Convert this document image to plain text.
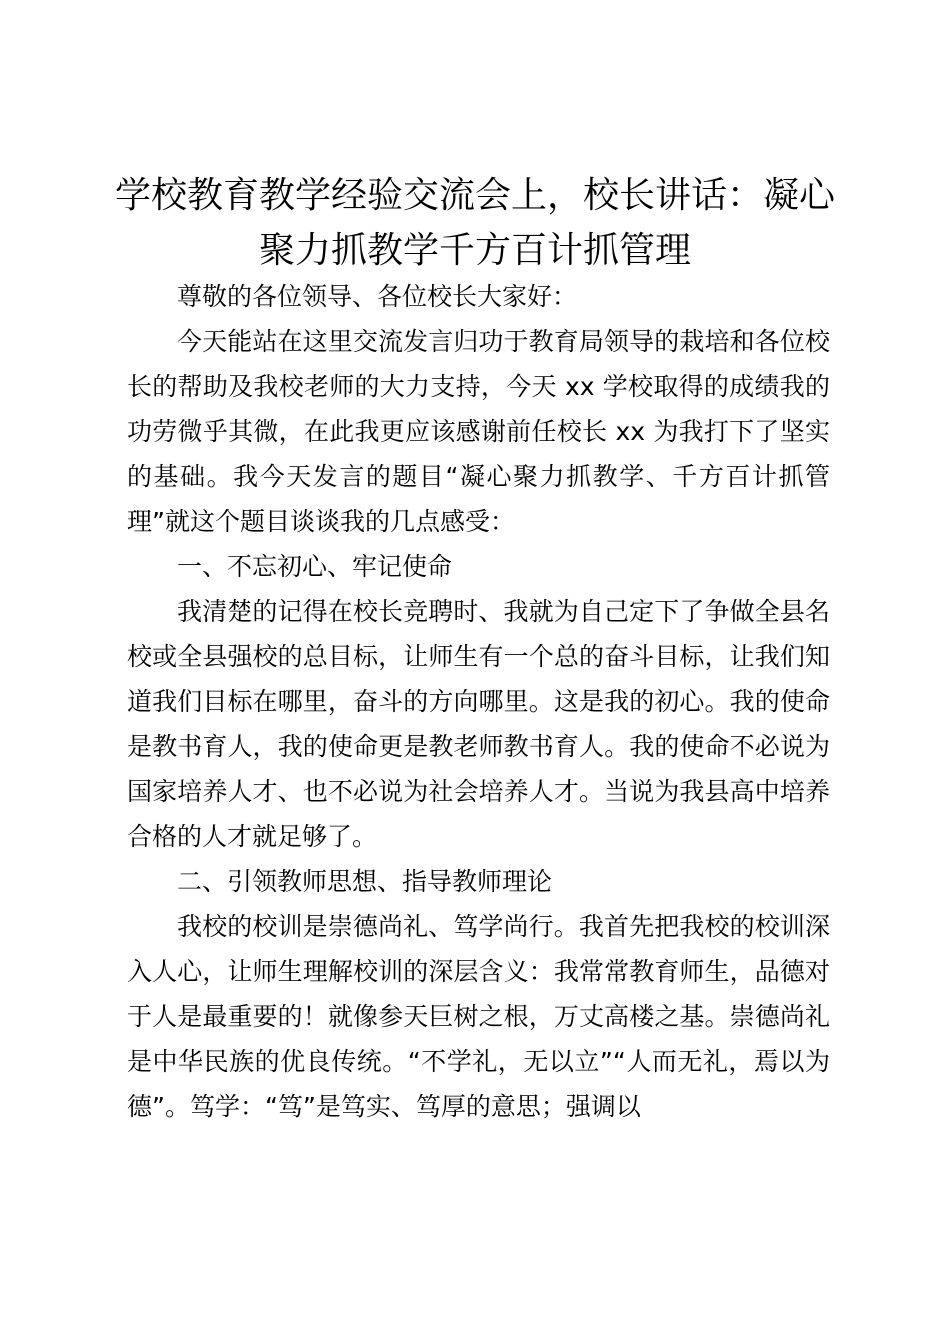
学校教育教学经验交流会上，校长讲话：凝心聚力抓教学千方百计抓管理

尊敬的各位领导、各位校长大家好：

今天能站在这里交流发言归功于教育局领导的栽培和各位校长的帮助及我校老师的大力支持，今天 xx 学校取得的成绩我的功劳微乎其微，在此我更应该感谢前任校长 xx 为我打下了坚实的基础。我今天发言的题目“凝心聚力抓教学、千方百计抓管理”就这个题目谈谈我的几点感受：

一、不忘初心、牢记使命

我清楚的记得在校长竞聘时、我就为自己定下了争做全县名校或全县强校的总目标，让师生有一个总的奋斗目标，让我们知道我们目标在哪里，奋斗的方向哪里。这是我的初心。我的使命是教书育人，我的使命更是教老师教书育人。我的使命不必说为国家培养人才、也不必说为社会培养人才。当说为我县高中培养合格的人才就足够了。

二、引领教师思想、指导教师理论

我校的校训是崇德尚礼、笃学尚行。我首先把我校的校训深入人心，让师生理解校训的深层含义：我常常教育师生，品德对于人是最重要的！就像参天巨树之根，万丈高楼之基。崇德尚礼是中华民族的优良传统。“不学礼，无以立”“人而无礼，焉以为德”。笃学：“笃”是笃实、笃厚的意思；强调以
